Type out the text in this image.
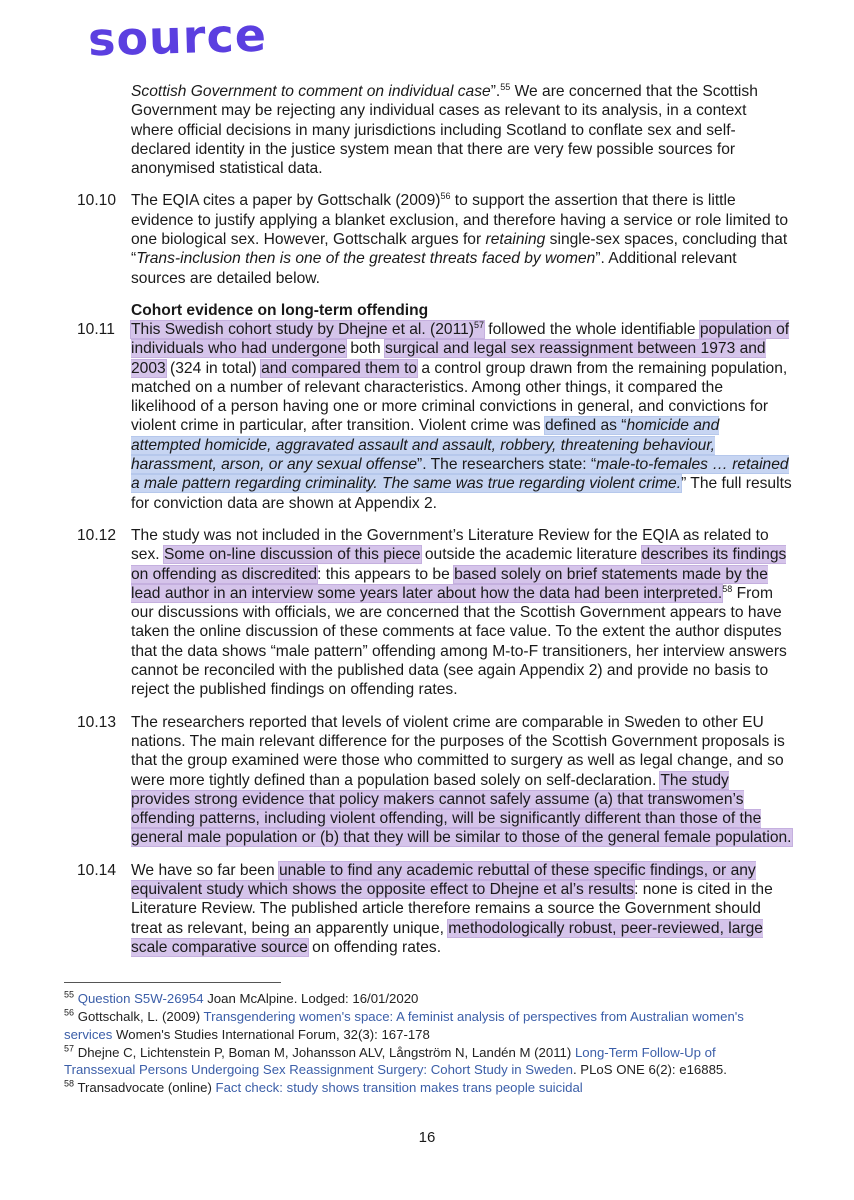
source
Scottish Government to comment on individual case”.$^{55}$ We are concerned that the Scottish Government may be rejecting any individual cases as relevant to its analysis, in a context where official decisions in many jurisdictions including Scotland to conflate sex and self-declared identity in the justice system mean that there are very few possible sources for anonymised statistical data.
10.10 The EQIA cites a paper by Gottschalk $(2009)^{56}$ to support the assertion that there is little evidence to justify applying a blanket exclusion, and therefore having a service or role limited to one biological sex. However, Gottschalk argues for retaining single-sex spaces, concluding that “Trans-inclusion then is one of the greatest threats faced by women”. Additional relevant sources are detailed below.
Cohort evidence on long-term offending
10.11 This Swedish cohort study by Dhejne et al. $(2011)^{57}$ followed the whole identifiable population of individuals who had undergone both surgical and legal sex reassignment between 1973 and 2003 (324 in total) and compared them to a control group drawn from the remaining population, matched on a number of relevant characteristics. Among other things, it compared the likelihood of a person having one or more criminal convictions in general, and convictions for violent crime in particular, after transition. Violent crime was defined as “homicide and attempted homicide, aggravated assault and assault, robbery, threatening behaviour, harassment, arson, or any sexual offense”. The researchers state: “male-to-females … retained a male pattern regarding criminality. The same was true regarding violent crime.” The full results for conviction data are shown at Appendix 2.
10.12 The study was not included in the Government’s Literature Review for the EQIA as related to sex. Some on-line discussion of this piece outside the academic literature describes its findings on offending as discredited: this appears to be based solely on brief statements made by the lead author in an interview some years later about how the data had been interpreted.$^{58}$ From our discussions with officials, we are concerned that the Scottish Government appears to have taken the online discussion of these comments at face value. To the extent the author disputes that the data shows “male pattern” offending among M-to-F transitioners, her interview answers cannot be reconciled with the published data (see again Appendix 2) and provide no basis to reject the published findings on offending rates.
10.13 The researchers reported that levels of violent crime are comparable in Sweden to other EU nations. The main relevant difference for the purposes of the Scottish Government proposals is that the group examined were those who committed to surgery as well as legal change, and so were more tightly defined than a population based solely on self-declaration. The study provides strong evidence that policy makers cannot safely assume (a) that transwomen’s offending patterns, including violent offending, will be significantly different than those of the general male population or (b) that they will be similar to those of the general female population.
10.14 We have so far been unable to find any academic rebuttal of these specific findings, or any equivalent study which shows the opposite effect to Dhejne et al’s results: none is cited in the Literature Review. The published article therefore remains a source the Government should treat as relevant, being an apparently unique, methodologically robust, peer-reviewed, large scale comparative source on offending rates.
$^{55}$ Question S5W-26954 Joan McAlpine. Lodged: 16/01/2020
$^{56}$ Gottschalk, L. (2009) Transgendering women's space: A feminist analysis of perspectives from Australian women's services Women's Studies International Forum, 32(3): 167-178
$^{57}$ Dhejne C, Lichtenstein P, Boman M, Johansson ALV, Långström N, Landén M (2011) Long-Term Follow-Up of Transsexual Persons Undergoing Sex Reassignment Surgery: Cohort Study in Sweden. PLoS ONE 6(2): e16885.
$^{58}$ Transadvocate (online) Fact check: study shows transition makes trans people suicidal
16
